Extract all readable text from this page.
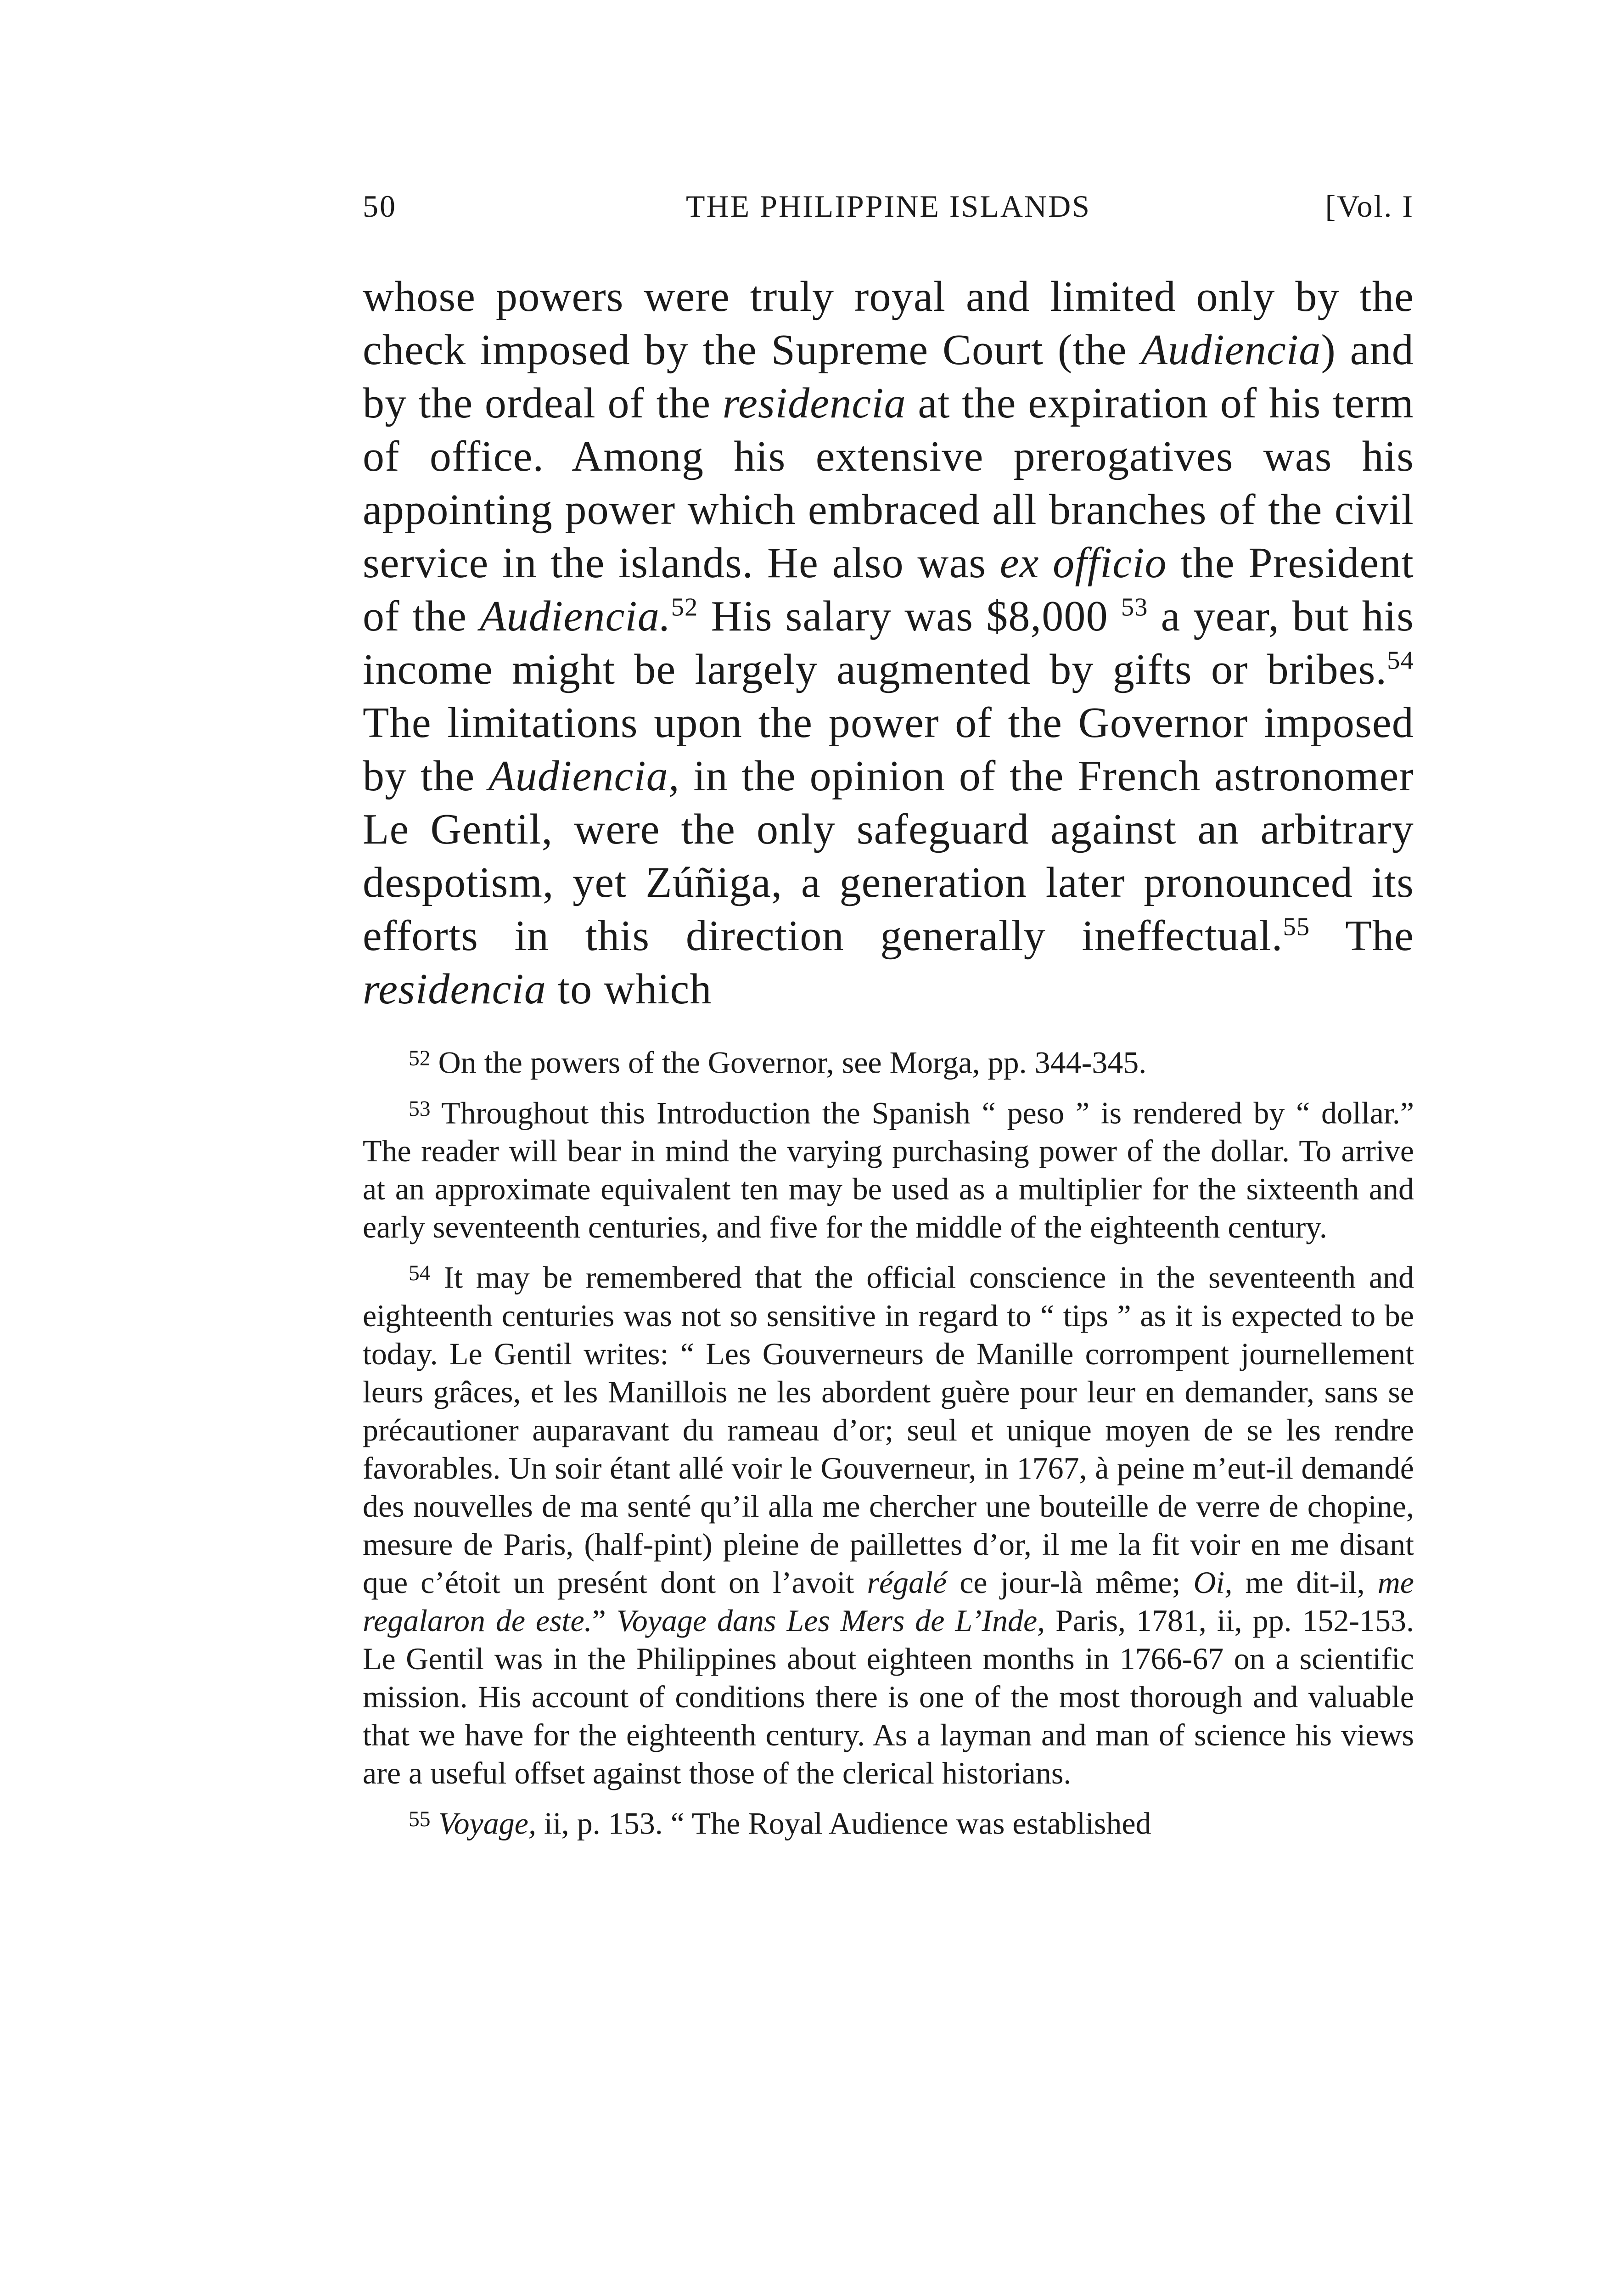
50	THE PHILIPPINE ISLANDS	[Vol. I

whose powers were truly royal and limited only by the check imposed by the Supreme Court (the Audiencia) and by the ordeal of the residencia at the expiration of his term of office. Among his extensive prerogatives was his appointing power which embraced all branches of the civil service in the islands. He also was ex officio the President of the Audiencia.$^{52}$ His salary was $8,000 $^{53}$ a year, but his income might be largely augmented by gifts or bribes.$^{54}$ The limitations upon the power of the Governor imposed by the Audiencia, in the opinion of the French astronomer Le Gentil, were the only safeguard against an arbitrary despotism, yet Zúñiga, a generation later pronounced its efforts in this direction generally ineffectual.$^{55}$ The residencia to which

$^{52}$ On the powers of the Governor, see Morga, pp. 344-345.

$^{53}$ Throughout this Introduction the Spanish “ peso ” is rendered by “ dollar.” The reader will bear in mind the varying purchasing power of the dollar. To arrive at an approximate equivalent ten may be used as a multiplier for the sixteenth and early seventeenth centuries, and five for the middle of the eighteenth century.

$^{54}$ It may be remembered that the official conscience in the seventeenth and eighteenth centuries was not so sensitive in regard to “ tips ” as it is expected to be today. Le Gentil writes: “ Les Gouverneurs de Manille corrompent journellement leurs grâces, et les Manillois ne les abordent guère pour leur en demander, sans se précautioner auparavant du rameau d’or; seul et unique moyen de se les rendre favorables. Un soir étant allé voir le Gouverneur, in 1767, à peine m’eut-il demandé des nouvelles de ma senté qu’il alla me chercher une bouteille de verre de chopine, mesure de Paris, (half-pint) pleine de paillettes d’or, il me la fit voir en me disant que c’étoit un presént dont on l’avoit régalé ce jour-là même; Oi, me dit-il, me regalaron de este.” Voyage dans Les Mers de L’Inde, Paris, 1781, ii, pp. 152-153. Le Gentil was in the Philippines about eighteen months in 1766-67 on a scientific mission. His account of conditions there is one of the most thorough and valuable that we have for the eighteenth century. As a layman and man of science his views are a useful offset against those of the clerical historians.

$^{55}$ Voyage, ii, p. 153. “ The Royal Audience was established
